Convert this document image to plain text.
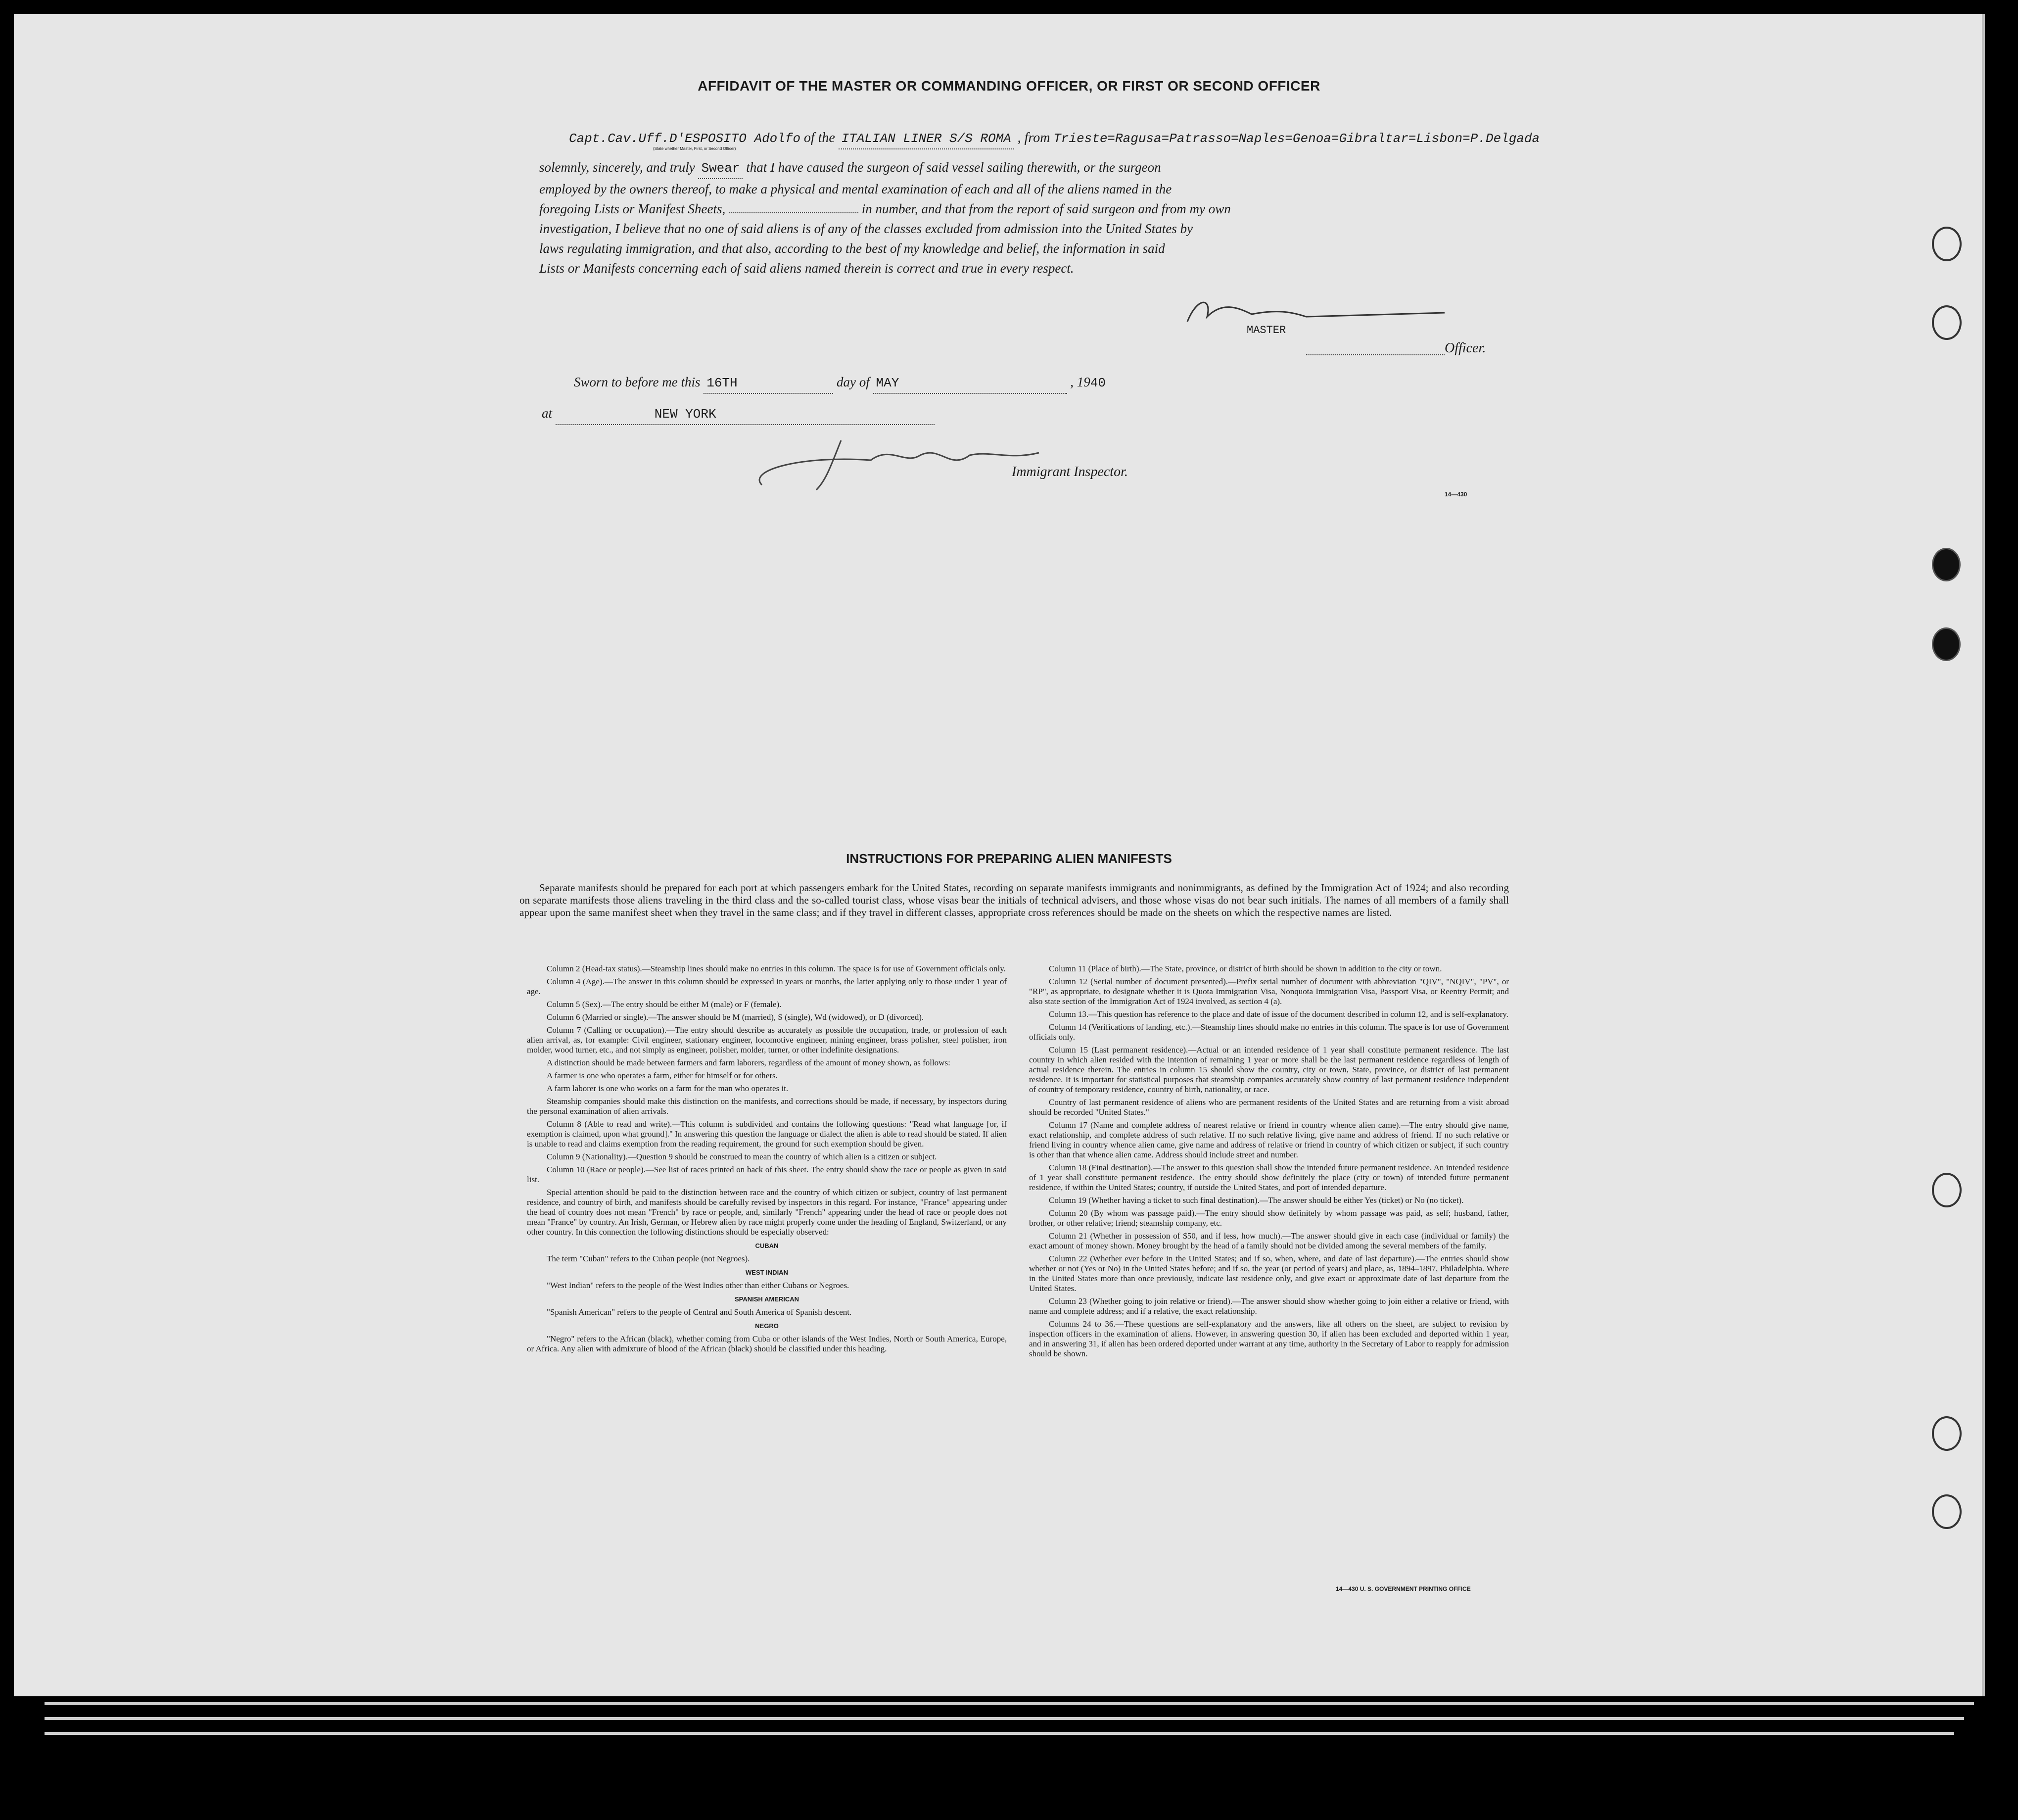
AFFIDAVIT OF THE MASTER OR COMMANDING OFFICER, OR FIRST OR SECOND OFFICER
Capt.Cav.Uff.D'ESPOSITO Adolfo of the ITALIAN LINER S/S ROMA , from Trieste=Ragusa=Patrasso=Naples=Genoa=Gibraltar=Lisbon=P.Delgada
(State whether Master, First, or Second Officer)
solemnly, sincerely, and truly Swear that I have caused the surgeon of said vessel sailing therewith, or the surgeon
employed by the owners thereof, to make a physical and mental examination of each and all of the aliens named in the
foregoing Lists or Manifest Sheets,	in number, and that from the report of said surgeon and from my own
investigation, I believe that no one of said aliens is of any of the classes excluded from admission into the United States by
laws regulating immigration, and that also, according to the best of my knowledge and belief, the information in said
Lists or Manifests concerning each of said aliens named therein is correct and true in every respect.
MASTER
Officer.
Sworn to before me this 16TH	day of MAY	, 1940
at	NEW YORK
Immigrant Inspector.
14—430
INSTRUCTIONS FOR PREPARING ALIEN MANIFESTS
Separate manifests should be prepared for each port at which passengers embark for the United States, recording on separate manifests immigrants and nonimmigrants, as defined by the Immigration Act of 1924; and also recording on separate manifests those aliens traveling in the third class and the so-called tourist class, whose visas bear the initials of technical advisers, and those whose visas do not bear such initials. The names of all members of a family shall appear upon the same manifest sheet when they travel in the same class; and if they travel in different classes, appropriate cross references should be made on the sheets on which the respective names are listed.

Column 2 (Head-tax status).—Steamship lines should make no entries in this column. The space is for use of Government officials only.

Column 4 (Age).—The answer in this column should be expressed in years or months, the latter applying only to those under 1 year of age.

Column 5 (Sex).—The entry should be either M (male) or F (female).

Column 6 (Married or single).—The answer should be M (married), S (single), Wd (widowed), or D (divorced).

Column 7 (Calling or occupation).—The entry should describe as accurately as possible the occupation, trade, or profession of each alien arrival, as, for example: Civil engineer, stationary engineer, locomotive engineer, mining engineer, brass polisher, steel polisher, iron molder, wood turner, etc., and not simply as engineer, polisher, molder, turner, or other indefinite designations.

A distinction should be made between farmers and farm laborers, regardless of the amount of money shown, as follows:

A farmer is one who operates a farm, either for himself or for others.

A farm laborer is one who works on a farm for the man who operates it.

Steamship companies should make this distinction on the manifests, and corrections should be made, if necessary, by inspectors during the personal examination of alien arrivals.

Column 8 (Able to read and write).—This column is subdivided and contains the following questions: "Read what language [or, if exemption is claimed, upon what ground]." In answering this question the language or dialect the alien is able to read should be stated. If alien is unable to read and claims exemption from the reading requirement, the ground for such exemption should be given.

Column 9 (Nationality).—Question 9 should be construed to mean the country of which alien is a citizen or subject.

Column 10 (Race or people).—See list of races printed on back of this sheet. The entry should show the race or people as given in said list.

Special attention should be paid to the distinction between race and the country of which citizen or subject, country of last permanent residence, and country of birth, and manifests should be carefully revised by inspectors in this regard. For instance, "France" appearing under the head of country does not mean "French" by race or people, and, similarly "French" appearing under the head of race or people does not mean "France" by country. An Irish, German, or Hebrew alien by race might properly come under the heading of England, Switzerland, or any other country. In this connection the following distinctions should be especially observed:

CUBAN

The term "Cuban" refers to the Cuban people (not Negroes).

WEST INDIAN

"West Indian" refers to the people of the West Indies other than either Cubans or Negroes.

SPANISH AMERICAN

"Spanish American" refers to the people of Central and South America of Spanish descent.

NEGRO

"Negro" refers to the African (black), whether coming from Cuba or other islands of the West Indies, North or South America, Europe, or Africa. Any alien with admixture of blood of the African (black) should be classified under this heading.

Column 11 (Place of birth).—The State, province, or district of birth should be shown in addition to the city or town.

Column 12 (Serial number of document presented).—Prefix serial number of document with abbreviation "QIV", "NQIV", "PV", or "RP", as appropriate, to designate whether it is Quota Immigration Visa, Nonquota Immigration Visa, Passport Visa, or Reentry Permit; and also state section of the Immigration Act of 1924 involved, as section 4 (a).

Column 13.—This question has reference to the place and date of issue of the document described in column 12, and is self-explanatory.

Column 14 (Verifications of landing, etc.).—Steamship lines should make no entries in this column. The space is for use of Government officials only.

Column 15 (Last permanent residence).—Actual or an intended residence of 1 year shall constitute permanent residence. The last country in which alien resided with the intention of remaining 1 year or more shall be the last permanent residence regardless of length of actual residence therein. The entries in column 15 should show the country, city or town, State, province, or district of last permanent residence. It is important for statistical purposes that steamship companies accurately show country of last permanent residence independent of country of temporary residence, country of birth, nationality, or race.

Country of last permanent residence of aliens who are permanent residents of the United States and are returning from a visit abroad should be recorded "United States."

Column 17 (Name and complete address of nearest relative or friend in country whence alien came).—The entry should give name, exact relationship, and complete address of such relative. If no such relative living, give name and address of friend. If no such relative or friend living in country whence alien came, give name and address of relative or friend in country of which citizen or subject, if such country is other than that whence alien came. Address should include street and number.

Column 18 (Final destination).—The answer to this question shall show the intended future permanent residence. An intended residence of 1 year shall constitute permanent residence. The entry should show definitely the place (city or town) of intended future permanent residence, if within the United States; country, if outside the United States, and port of intended departure.

Column 19 (Whether having a ticket to such final destination).—The answer should be either Yes (ticket) or No (no ticket).

Column 20 (By whom was passage paid).—The entry should show definitely by whom passage was paid, as self; husband, father, brother, or other relative; friend; steamship company, etc.

Column 21 (Whether in possession of $50, and if less, how much).—The answer should give in each case (individual or family) the exact amount of money shown. Money brought by the head of a family should not be divided among the several members of the family.

Column 22 (Whether ever before in the United States; and if so, when, where, and date of last departure).—The entries should show whether or not (Yes or No) in the United States before; and if so, the year (or period of years) and place, as, 1894–1897, Philadelphia. Where in the United States more than once previously, indicate last residence only, and give exact or approximate date of last departure from the United States.

Column 23 (Whether going to join relative or friend).—The answer should show whether going to join either a relative or friend, with name and complete address; and if a relative, the exact relationship.

Columns 24 to 36.—These questions are self-explanatory and the answers, like all others on the sheet, are subject to revision by inspection officers in the examination of aliens. However, in answering question 30, if alien has been excluded and deported within 1 year, and in answering 31, if alien has been ordered deported under warrant at any time, authority in the Secretary of Labor to reapply for admission should be shown.

14—430 U. S. GOVERNMENT PRINTING OFFICE
